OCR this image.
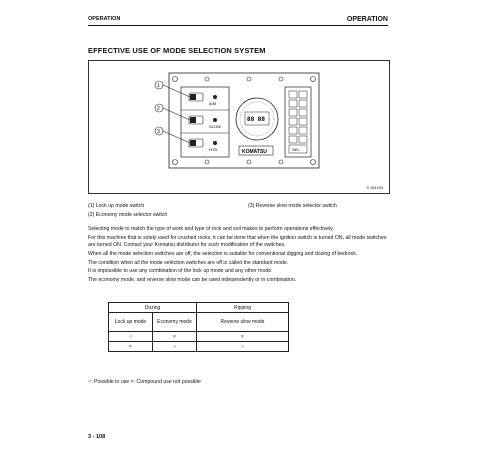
OPERATION	OPERATION
EFFECTIVE USE OF MODE SELECTION SYSTEM
A/M
SLOW
HYD
88 88
KOMATSU	SEL
1
2
3
9 J04153
(1) Lock up mode switch
(2) Economy mode selector switch
(3) Reverse slow mode selector switch

Selecting mode to match the type of work and type of rock and soil makes to perform operations effectively.

For this machine that is solely used for crushed rocks, it can be done that when the ignition switch is turned ON, all mode switches are turned ON. Contact your Komatsu distributor for such modification of the switches.

When all the mode selection switches are off, the selection is suitable for conventional digging and dozing of bedrock.

The condition when all the mode selection switches are off is called the standard mode.

It is impossible to use any combination of the lock up mode and any other mode.

The economy mode, and reverse slow mode can be used independently or in combination.

Dozing		Ripping
Lock up mode	Economy mode	Reverse slow mode
○	×	×
×	○	○
○: Possible to use ×: Compound use not possible
3 - 108
